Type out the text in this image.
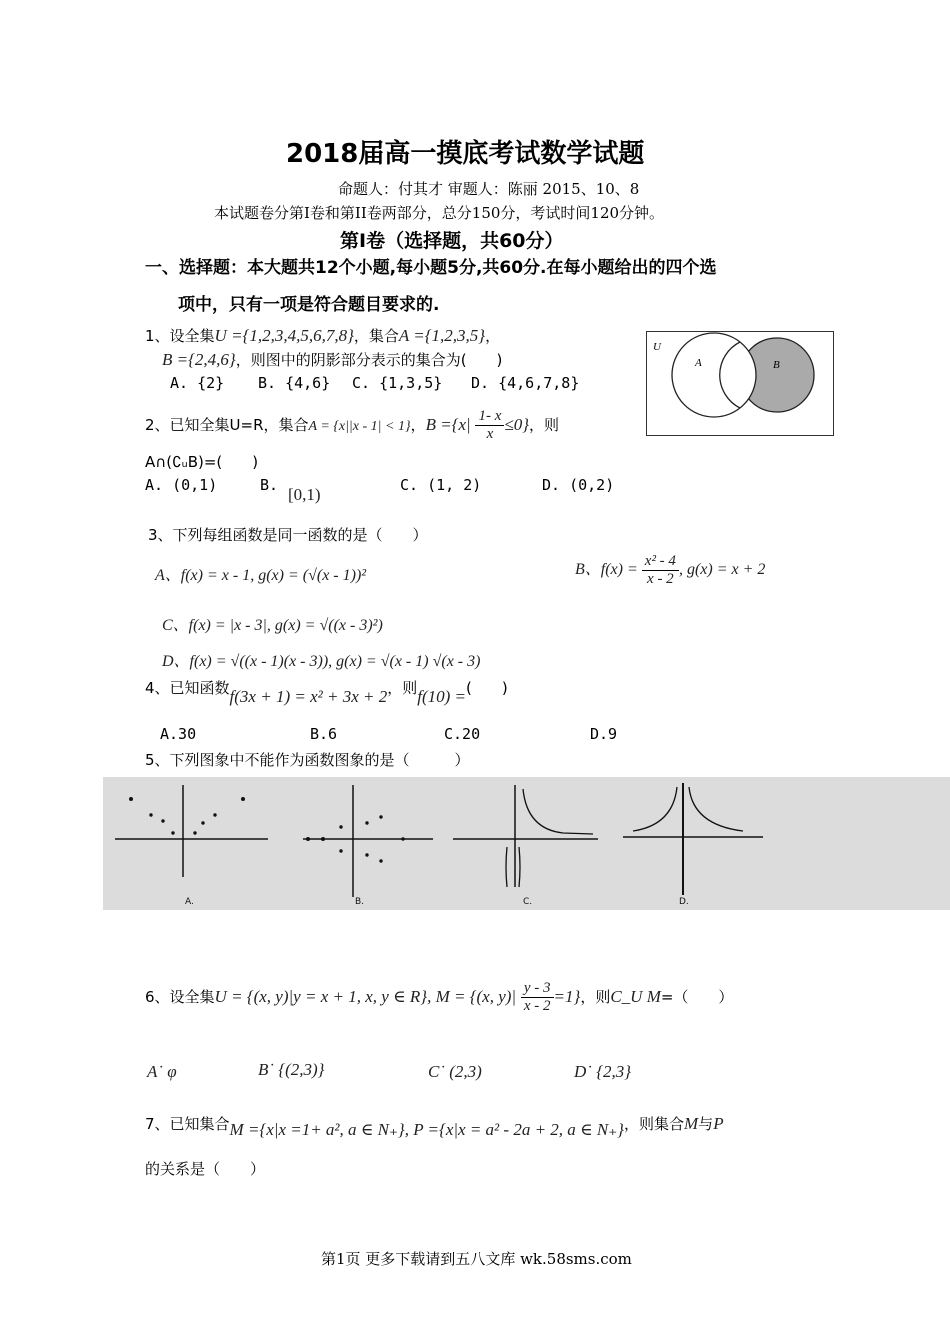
2018届高一摸底考试数学试题
命题人：付其才 审题人：陈丽 2015、10、8
本试题卷分第Ⅰ卷和第II卷两部分，总分150分，考试时间120分钟。
第Ⅰ卷（选择题，共60分）
一、选择题：本大题共12个小题,每小题5分,共60分.在每小题给出的四个选
项中，只有一项是符合题目要求的.
1、设全集U ={1,2,3,4,5,6,7,8}，集合A ={1,2,3,5}，
B ={2,4,6}，则图中的阴影部分表示的集合为(　　)
A. {2} B. {4,6} C. {1,3,5} D. {4,6,7,8}
U
A	B
2、已知全集U=R，集合A = {x||x - 1| < 1}，$B =\{x| \frac{1- x}{x} \le 0\}$，则
A∩(∁ᵤB)=(　　)
A. (0,1)	B. [0,1)	C. (1, 2)	D. (0,2)
3、下列每组函数是同一函数的是（　　）
A、f(x) = x - 1, g(x) = (√(x - 1))²	B、$f(x) = \frac{\text{x² - 4}}{x - 2}$ , g(x) = x + 2
C、f(x) = |x - 3|, g(x) = √((x - 3)²)
D、f(x) = √((x - 1)(x - 3)), g(x) = √(x - 1) √(x - 3)
4、已知函数f(3x + 1) = x² + 3x + 2，则f(10) =(　　)
A.30	B.6	C.20	D.9
5、下列图象中不能作为函数图象的是（　　　）
A.	B.	C.	D.
6、设全集U = {(x, y)|y = x + 1, x, y ∈ R}, M = {(x, $y)| \frac{y - 3}{x - 2} =1$}，则C_U M=（　　）
A˙ φ	B˙ {(2,3)}	C˙ (2,3)	D˙ {2,3}
7、已知集合M ={x|x =1+ a², a ∈ N₊}, P ={x|x = a² - 2a + 2, a ∈ N₊}，则集合M与P
的关系是（　　）
第1页 更多下载请到五八文库 wk.58sms.com
